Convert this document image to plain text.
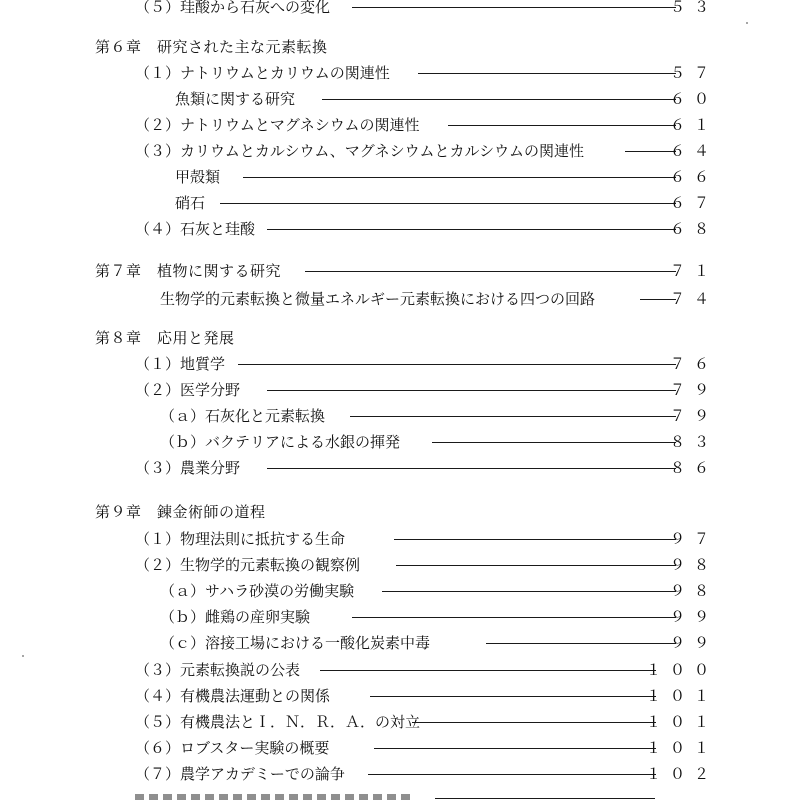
（５）珪酸から石灰への変化	５３
第６章　研究された主な元素転換
（１）ナトリウムとカリウムの関連性	５７
魚類に関する研究	６０
（２）ナトリウムとマグネシウムの関連性	６１
（３）カリウムとカルシウム、マグネシウムとカルシウムの関連性	６４
甲殻類	６６
硝石	６７
（４）石灰と珪酸	６８
第７章　植物に関する研究	７１
生物学的元素転換と微量エネルギー元素転換における四つの回路	７４
第８章　応用と発展
（１）地質学	７６
（２）医学分野	７９
（ａ）石灰化と元素転換	７９
（ｂ）バクテリアによる水銀の揮発	８３
（３）農業分野	８６
第９章　錬金術師の道程
（１）物理法則に抵抗する生命	９７
（２）生物学的元素転換の観察例	９８
（ａ）サハラ砂漠の労働実験	９８
（ｂ）雌鶏の産卵実験	９９
（ｃ）溶接工場における一酸化炭素中毒	９９
（３）元素転換説の公表	１００
（４）有機農法運動との関係	１０１
（５）有機農法とＩ．Ｎ．Ｒ．Ａ．の対立	１０１
（６）ロブスター実験の概要	１０１
（７）農学アカデミーでの論争	１０２
